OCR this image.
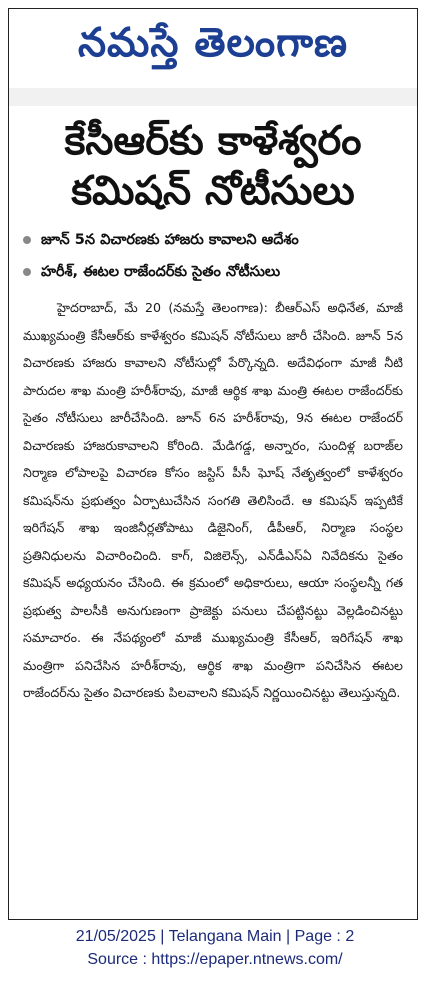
నమస్తే తెలంగాణ
కేసీఆర్‌కు కాళేశ్వరం కమిషన్‌ నోటీసులు
జూన్‌ 5న విచారణకు హాజరు కావాలని ఆదేశం
హరీశ్‌, ఈటల రాజేందర్‌కు సైతం నోటీసులు
హైదరాబాద్‌, మే 20 (నమస్తే తెలంగాణ): బీఆర్‌ఎస్‌ అధినేత, మాజీ ముఖ్యమంత్రి కేసీఆర్‌కు కాళేశ్వరం కమిషన్‌ నోటీసులు జారీ చేసింది. జూన్‌ 5న విచారణకు హాజరు కావాలని నోటీసుల్లో పేర్కొన్నది. అదేవిధంగా మాజీ నీటి పారుదల శాఖ మంత్రి హరీశ్‌రావు, మాజీ ఆర్థిక శాఖ మంత్రి ఈటల రాజేందర్‌కు సైతం నోటీసులు జారీచేసింది. జూన్‌ 6న హరీశ్‌రావు, 9న ఈటల రాజేందర్‌ విచారణకు హాజరుకావాలని కోరింది. మేడిగడ్డ, అన్నారం, సుందిళ్ల బరాజ్‌ల నిర్మాణ లోపాలపై విచారణ కోసం జస్టిస్‌ పీసీ ఘోష్‌ నేతృత్వంలో కాళేశ్వరం కమిషన్‌ను ప్రభుత్వం ఏర్పాటుచేసిన సంగతి తెలిసిందే. ఆ కమిషన్‌ ఇప్పటికే ఇరిగేషన్‌ శాఖ ఇంజినీర్లతోపాటు డిజైనింగ్‌, డీపీఆర్‌, నిర్మాణ సంస్థల ప్రతినిధులను విచారించింది. కాగ్‌, విజిలెన్స్‌, ఎన్‌డీఎస్‌ఏ నివేదికను సైతం కమిషన్‌ అధ్యయనం చేసింది. ఈ క్రమంలో అధికారులు, ఆయా సంస్థలన్నీ గత ప్రభుత్వ పాలసీకి అనుగుణంగా ప్రాజెక్టు పనులు చేపట్టినట్టు వెల్లడించినట్టు సమాచారం. ఈ నేపథ్యంలో మాజీ ముఖ్యమంత్రి కేసీఆర్‌, ఇరిగేషన్‌ శాఖ మంత్రిగా పనిచేసిన హరీశ్‌రావు, ఆర్థిక శాఖ మంత్రిగా పనిచేసిన ఈటల రాజేందర్‌ను సైతం విచారణకు పిలవాలని కమిషన్‌ నిర్ణయించినట్టు తెలుస్తున్నది.
21/05/2025 | Telangana Main | Page : 2
Source : https://epaper.ntnews.com/
